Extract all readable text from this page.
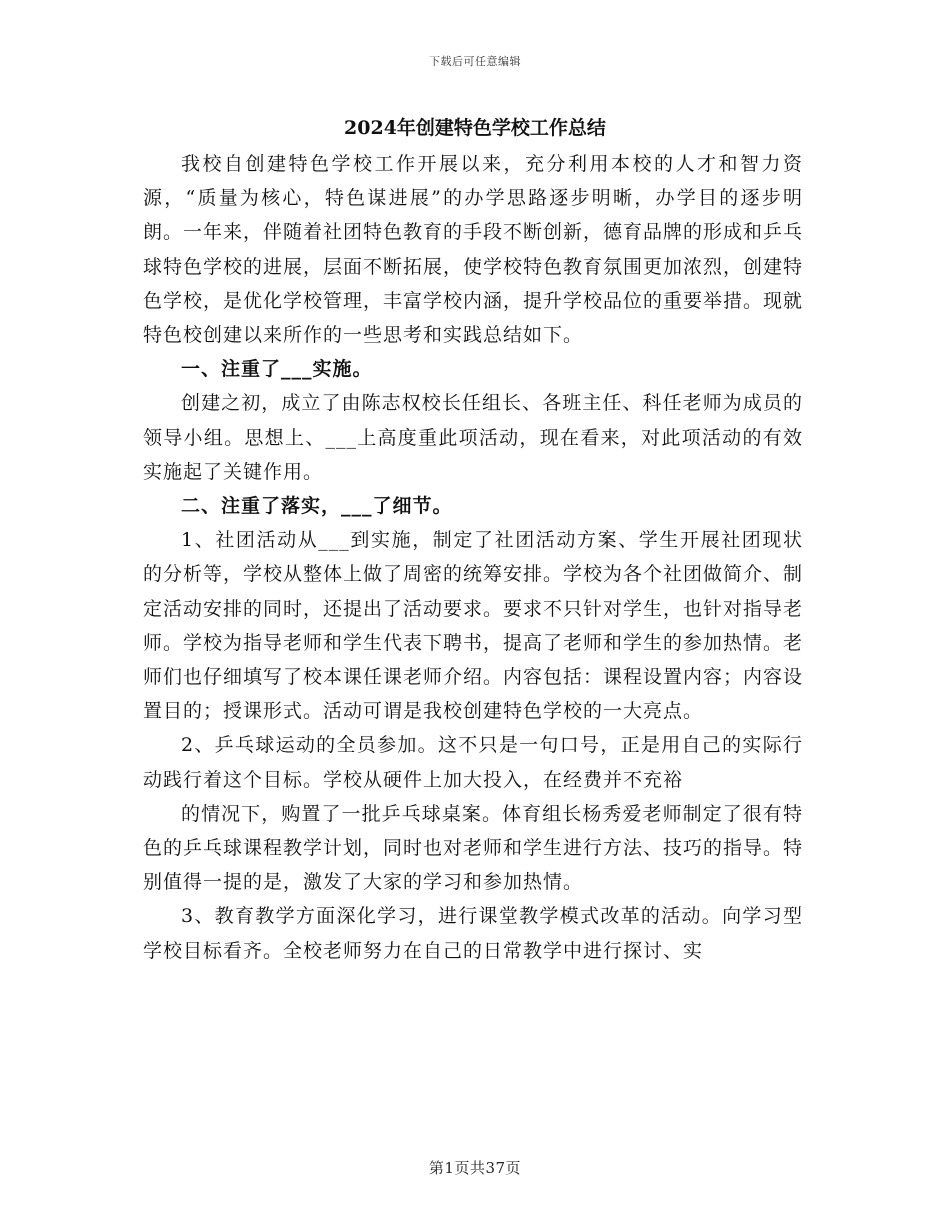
下载后可任意编辑
2024年创建特色学校工作总结

我校自创建特色学校工作开展以来，充分利用本校的人才和智力资源，“质量为核心，特色谋进展”的办学思路逐步明晰，办学目的逐步明朗。一年来，伴随着社团特色教育的手段不断创新，德育品牌的形成和乒乓球特色学校的进展，层面不断拓展，使学校特色教育氛围更加浓烈，创建特色学校，是优化学校管理，丰富学校内涵，提升学校品位的重要举措。现就特色校创建以来所作的一些思考和实践总结如下。

一、注重了___实施。

创建之初，成立了由陈志权校长任组长、各班主任、科任老师为成员的领导小组。思想上、___上高度重此项活动，现在看来，对此项活动的有效实施起了关键作用。

二、注重了落实，___了细节。

1、社团活动从___到实施，制定了社团活动方案、学生开展社团现状的分析等，学校从整体上做了周密的统筹安排。学校为各个社团做简介、制定活动安排的同时，还提出了活动要求。要求不只针对学生，也针对指导老师。学校为指导老师和学生代表下聘书，提高了老师和学生的参加热情。老师们也仔细填写了校本课任课老师介绍。内容包括：课程设置内容；内容设置目的；授课形式。活动可谓是我校创建特色学校的一大亮点。

2、乒乓球运动的全员参加。这不只是一句口号，正是用自己的实际行动践行着这个目标。学校从硬件上加大投入，在经费并不充裕

的情况下，购置了一批乒乓球桌案。体育组长杨秀爱老师制定了很有特色的乒乓球课程教学计划，同时也对老师和学生进行方法、技巧的指导。特别值得一提的是，激发了大家的学习和参加热情。

3、教育教学方面深化学习，进行课堂教学模式改革的活动。向学习型学校目标看齐。全校老师努力在自己的日常教学中进行探讨、实

第1页共37页
